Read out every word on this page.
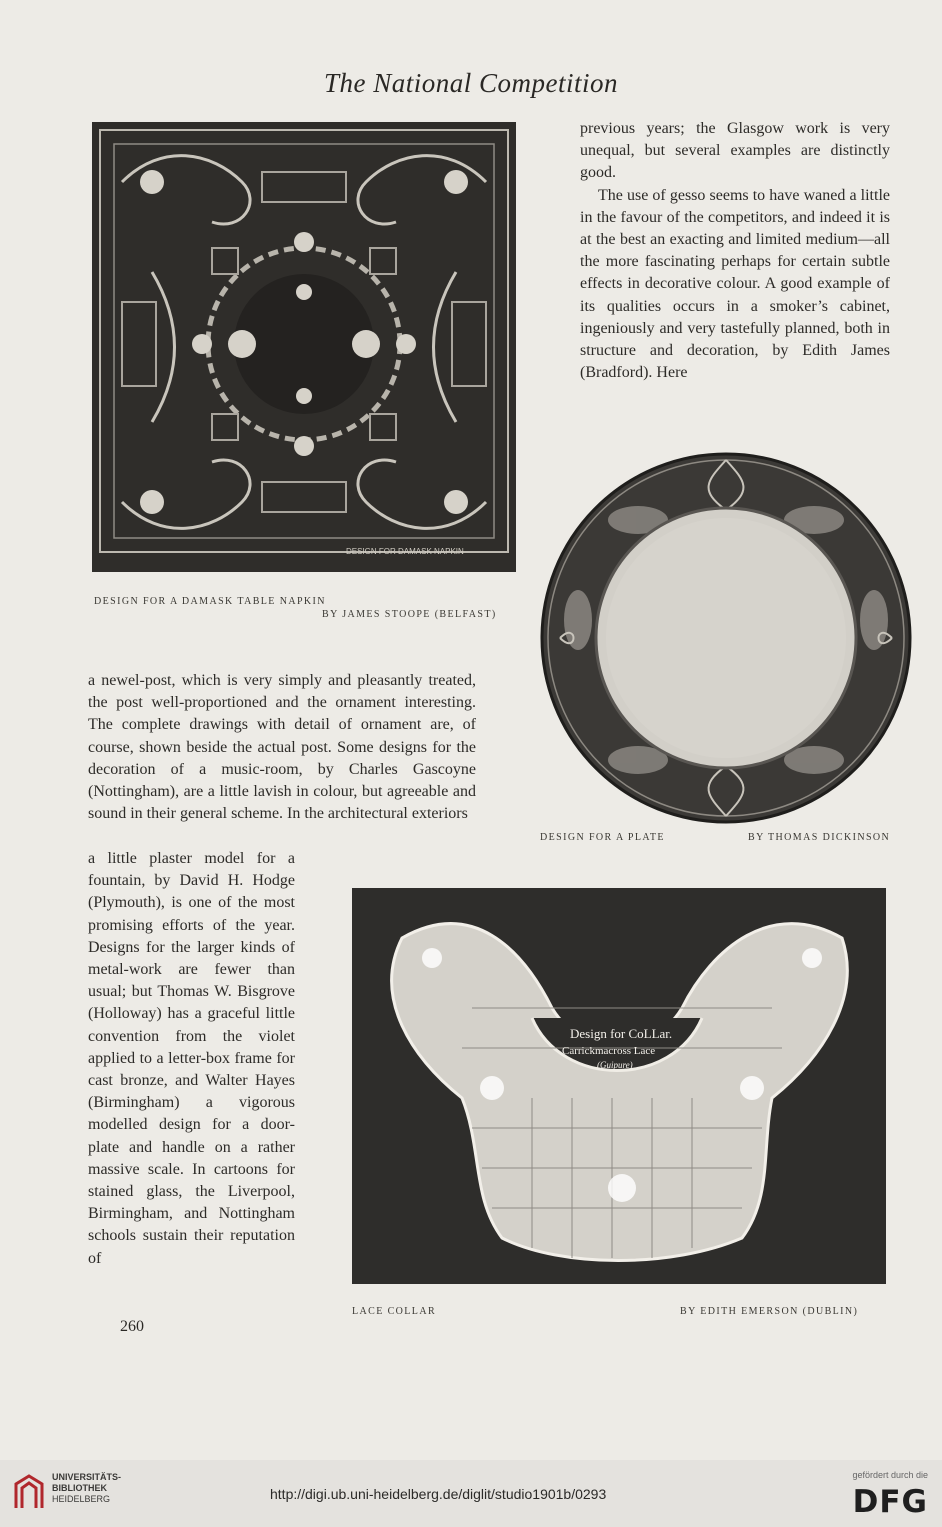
The National Competition
DESIGN FOR DAMASK NAPKIN
DESIGN FOR A DAMASK TABLE NAPKIN
BY JAMES STOOPE (BELFAST)

previous years; the Glasgow work is very unequal, but several examples are distinctly good.

The use of gesso seems to have waned a little in the favour of the competitors, and indeed it is at the best an exacting and limited medium—all the more fascinating perhaps for certain subtle effects in decorative colour. A good example of its qualities occurs in a smoker’s cabinet, ingeniously and very tastefully planned, both in structure and decoration, by Edith James (Bradford). Here

DESIGN FOR A PLATE	BY THOMAS DICKINSON

a newel-post, which is very simply and pleasantly treated, the post well-proportioned and the ornament interesting. The complete drawings with detail of ornament are, of course, shown beside the actual post. Some designs for the decoration of a music-room, by Charles Gascoyne (Nottingham), are a little lavish in colour, but agreeable and sound in their general scheme. In the architectural exteriors

a little plaster model for a fountain, by David H. Hodge (Plymouth), is one of the most promising efforts of the year. Designs for the larger kinds of metal-work are fewer than usual; but Thomas W. Bisgrove (Holloway) has a graceful little convention from the violet applied to a letter-box frame for cast bronze, and Walter Hayes (Birmingham) a vigorous modelled design for a door-plate and handle on a rather massive scale. In cartoons for stained glass, the Liverpool, Birmingham, and Nottingham schools sustain their reputation of

Design for CoLLar.
Carrickmacross Lace
(Guipure)
LACE COLLAR	BY EDITH EMERSON (DUBLIN)
260
UNIVERSITÄTS-
BIBLIOTHEK
HEIDELBERG	http://digi.ub.uni-heidelberg.de/diglit/studio1901b/0293
gefördert durch die
DFG
